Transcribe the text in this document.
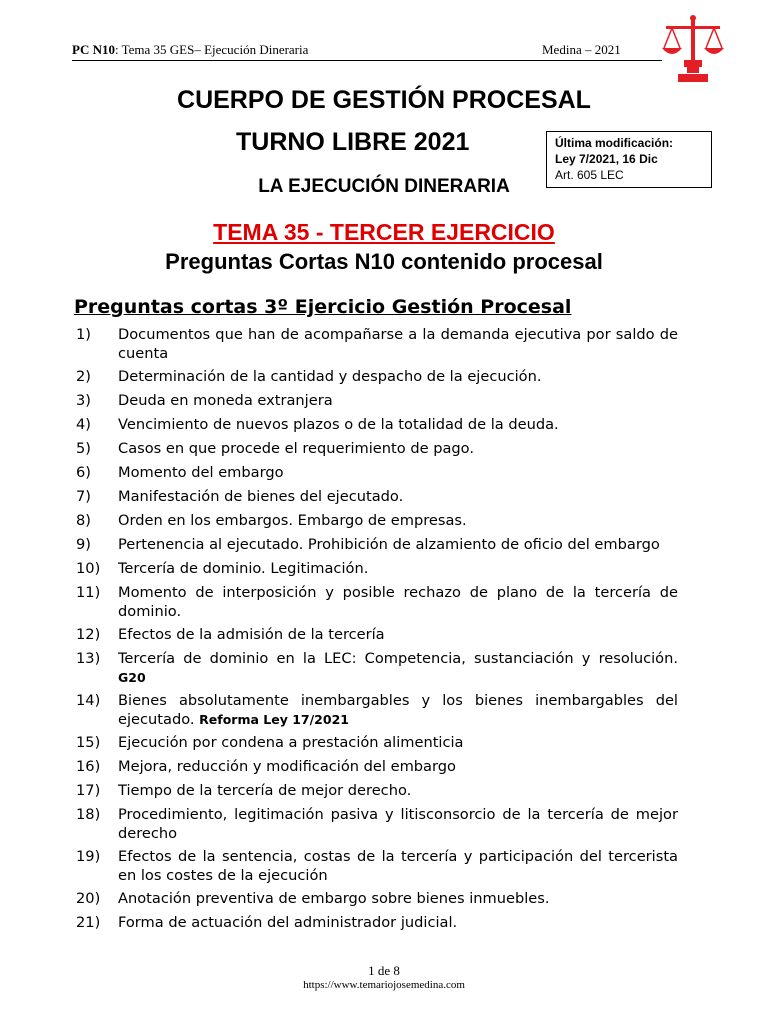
PC N10: Tema 35 GES– Ejecución Dineraria	Medina – 2021
CUERPO DE GESTIÓN PROCESAL
TURNO LIBRE 2021
LA EJECUCIÓN DINERARIA
Última modificación:
Ley 7/2021, 16 Dic
Art. 605 LEC
TEMA 35 - TERCER EJERCICIO
Preguntas Cortas N10 contenido procesal
Preguntas cortas 3º Ejercicio Gestión Procesal
1) Documentos que han de acompañarse a la demanda ejecutiva por saldo de cuenta
2) Determinación de la cantidad y despacho de la ejecución.
3) Deuda en moneda extranjera
4) Vencimiento de nuevos plazos o de la totalidad de la deuda.
5) Casos en que procede el requerimiento de pago.
6) Momento del embargo
7) Manifestación de bienes del ejecutado.
8) Orden en los embargos. Embargo de empresas.
9) Pertenencia al ejecutado. Prohibición de alzamiento de oficio del embargo
10) Tercería de dominio. Legitimación.
11) Momento de interposición y posible rechazo de plano de la tercería de dominio.
12) Efectos de la admisión de la tercería
13) Tercería de dominio en la LEC: Competencia, sustanciación y resolución. G20
14) Bienes absolutamente inembargables y los bienes inembargables del ejecutado. Reforma Ley 17/2021
15) Ejecución por condena a prestación alimenticia
16) Mejora, reducción y modificación del embargo
17) Tiempo de la tercería de mejor derecho.
18) Procedimiento, legitimación pasiva y litisconsorcio de la tercería de mejor derecho
19) Efectos de la sentencia, costas de la tercería y participación del tercerista en los costes de la ejecución
20) Anotación preventiva de embargo sobre bienes inmuebles.
21) Forma de actuación del administrador judicial.
1 de 8
https://www.temariojosemedina.com
